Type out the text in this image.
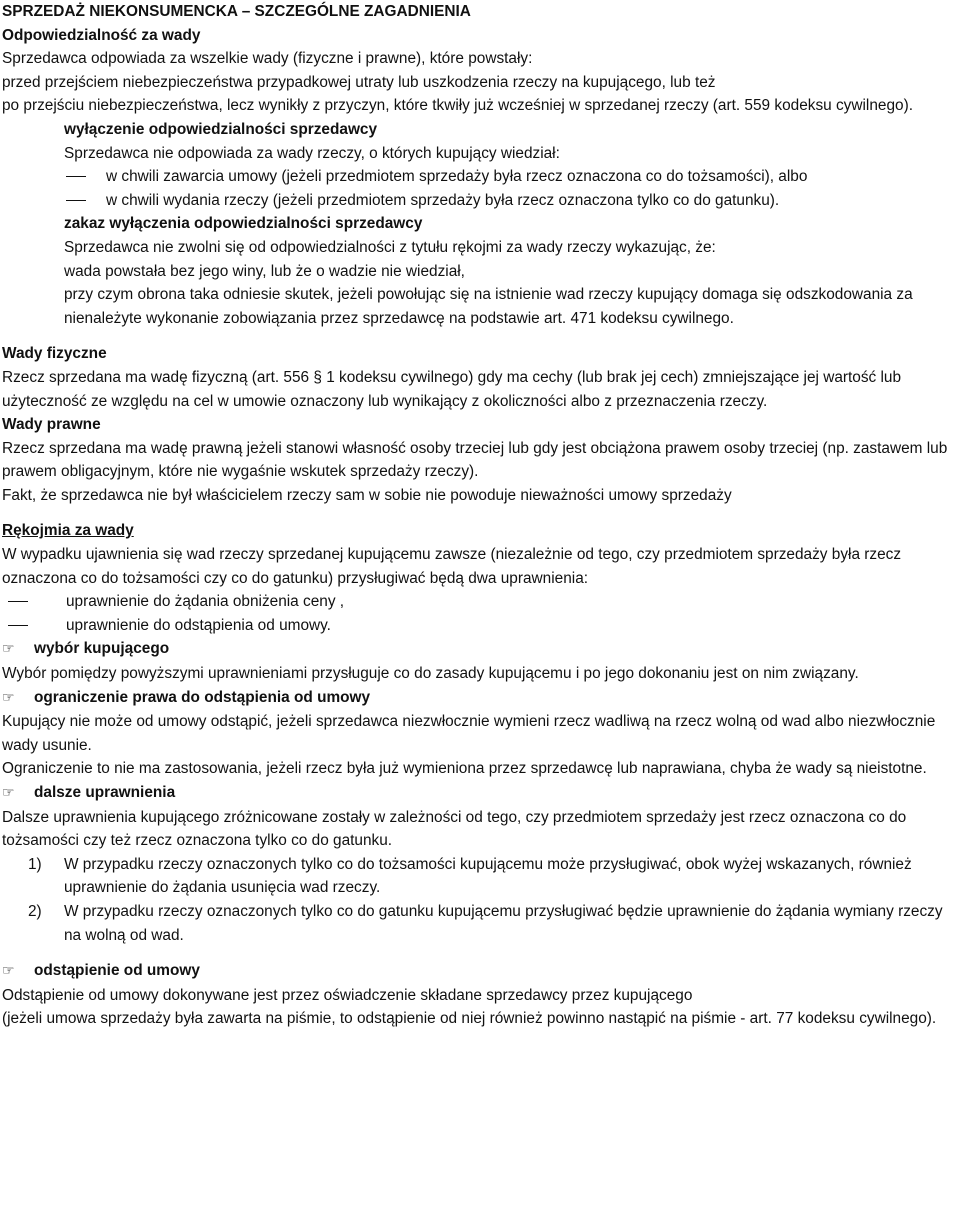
SPRZEDAŻ NIEKONSUMENCKA – SZCZEGÓLNE ZAGADNIENIA

Odpowiedzialność za wady

Sprzedawca odpowiada za wszelkie wady (fizyczne i prawne), które powstały:

przed przejściem niebezpieczeństwa przypadkowej utraty lub uszkodzenia rzeczy na kupującego, lub też

po przejściu niebezpieczeństwa, lecz wynikły z przyczyn, które tkwiły już wcześniej w sprzedanej rzeczy (art. 559 kodeksu cywilnego).

wyłączenie odpowiedzialności sprzedawcy

Sprzedawca nie odpowiada za wady rzeczy, o których kupujący wiedział:

w chwili zawarcia umowy (jeżeli przedmiotem sprzedaży była rzecz oznaczona co do tożsamości), albo
w chwili wydania rzeczy (jeżeli przedmiotem sprzedaży była rzecz oznaczona tylko co do gatunku).

zakaz wyłączenia odpowiedzialności sprzedawcy

Sprzedawca nie zwolni się od odpowiedzialności z tytułu rękojmi za wady rzeczy wykazując, że:

wada powstała bez jego winy, lub że o wadzie nie wiedział,

przy czym obrona taka odniesie skutek, jeżeli powołując się na istnienie wad rzeczy kupujący domaga się odszkodowania za nienależyte wykonanie zobowiązania przez sprzedawcę na podstawie art. 471 kodeksu cywilnego.

Wady fizyczne

Rzecz sprzedana ma wadę fizyczną (art. 556 § 1 kodeksu cywilnego) gdy ma cechy (lub brak jej cech) zmniejszające jej wartość lub użyteczność ze względu na cel w umowie oznaczony lub wynikający z okoliczności albo z przeznaczenia rzeczy.

Wady prawne

Rzecz sprzedana ma wadę prawną jeżeli stanowi własność osoby trzeciej lub gdy jest obciążona prawem osoby trzeciej (np. zastawem lub prawem obligacyjnym, które nie wygaśnie wskutek sprzedaży rzeczy).

Fakt, że sprzedawca nie był właścicielem rzeczy sam w sobie nie powoduje nieważności umowy sprzedaży

Rękojmia za wady

W wypadku ujawnienia się wad rzeczy sprzedanej kupującemu zawsze (niezależnie od tego, czy przedmiotem sprzedaży była rzecz oznaczona co do tożsamości czy co do gatunku) przysługiwać będą dwa uprawnienia:

uprawnienie do żądania obniżenia ceny ,
uprawnienie do odstąpienia od umowy.

☞ wybór kupującego

Wybór pomiędzy powyższymi uprawnieniami przysługuje co do zasady kupującemu i po jego dokonaniu jest on nim związany.

☞ ograniczenie prawa do odstąpienia od umowy

Kupujący nie może od umowy odstąpić, jeżeli sprzedawca niezwłocznie wymieni rzecz wadliwą na rzecz wolną od wad albo niezwłocznie wady usunie.

Ograniczenie to nie ma zastosowania, jeżeli rzecz była już wymieniona przez sprzedawcę lub naprawiana, chyba że wady są nieistotne.

☞ dalsze uprawnienia

Dalsze uprawnienia kupującego zróżnicowane zostały w zależności od tego, czy przedmiotem sprzedaży jest rzecz oznaczona co do tożsamości czy też rzecz oznaczona tylko co do gatunku.

1) W przypadku rzeczy oznaczonych tylko co do tożsamości kupującemu może przysługiwać, obok wyżej wskazanych, również uprawnienie do żądania usunięcia wad rzeczy.
2) W przypadku rzeczy oznaczonych tylko co do gatunku kupującemu przysługiwać będzie uprawnienie do żądania wymiany rzeczy na wolną od wad.

☞ odstąpienie od umowy

Odstąpienie od umowy dokonywane jest przez oświadczenie składane sprzedawcy przez kupującego

(jeżeli umowa sprzedaży była zawarta na piśmie, to odstąpienie od niej również powinno nastąpić na piśmie - art. 77 kodeksu cywilnego).
